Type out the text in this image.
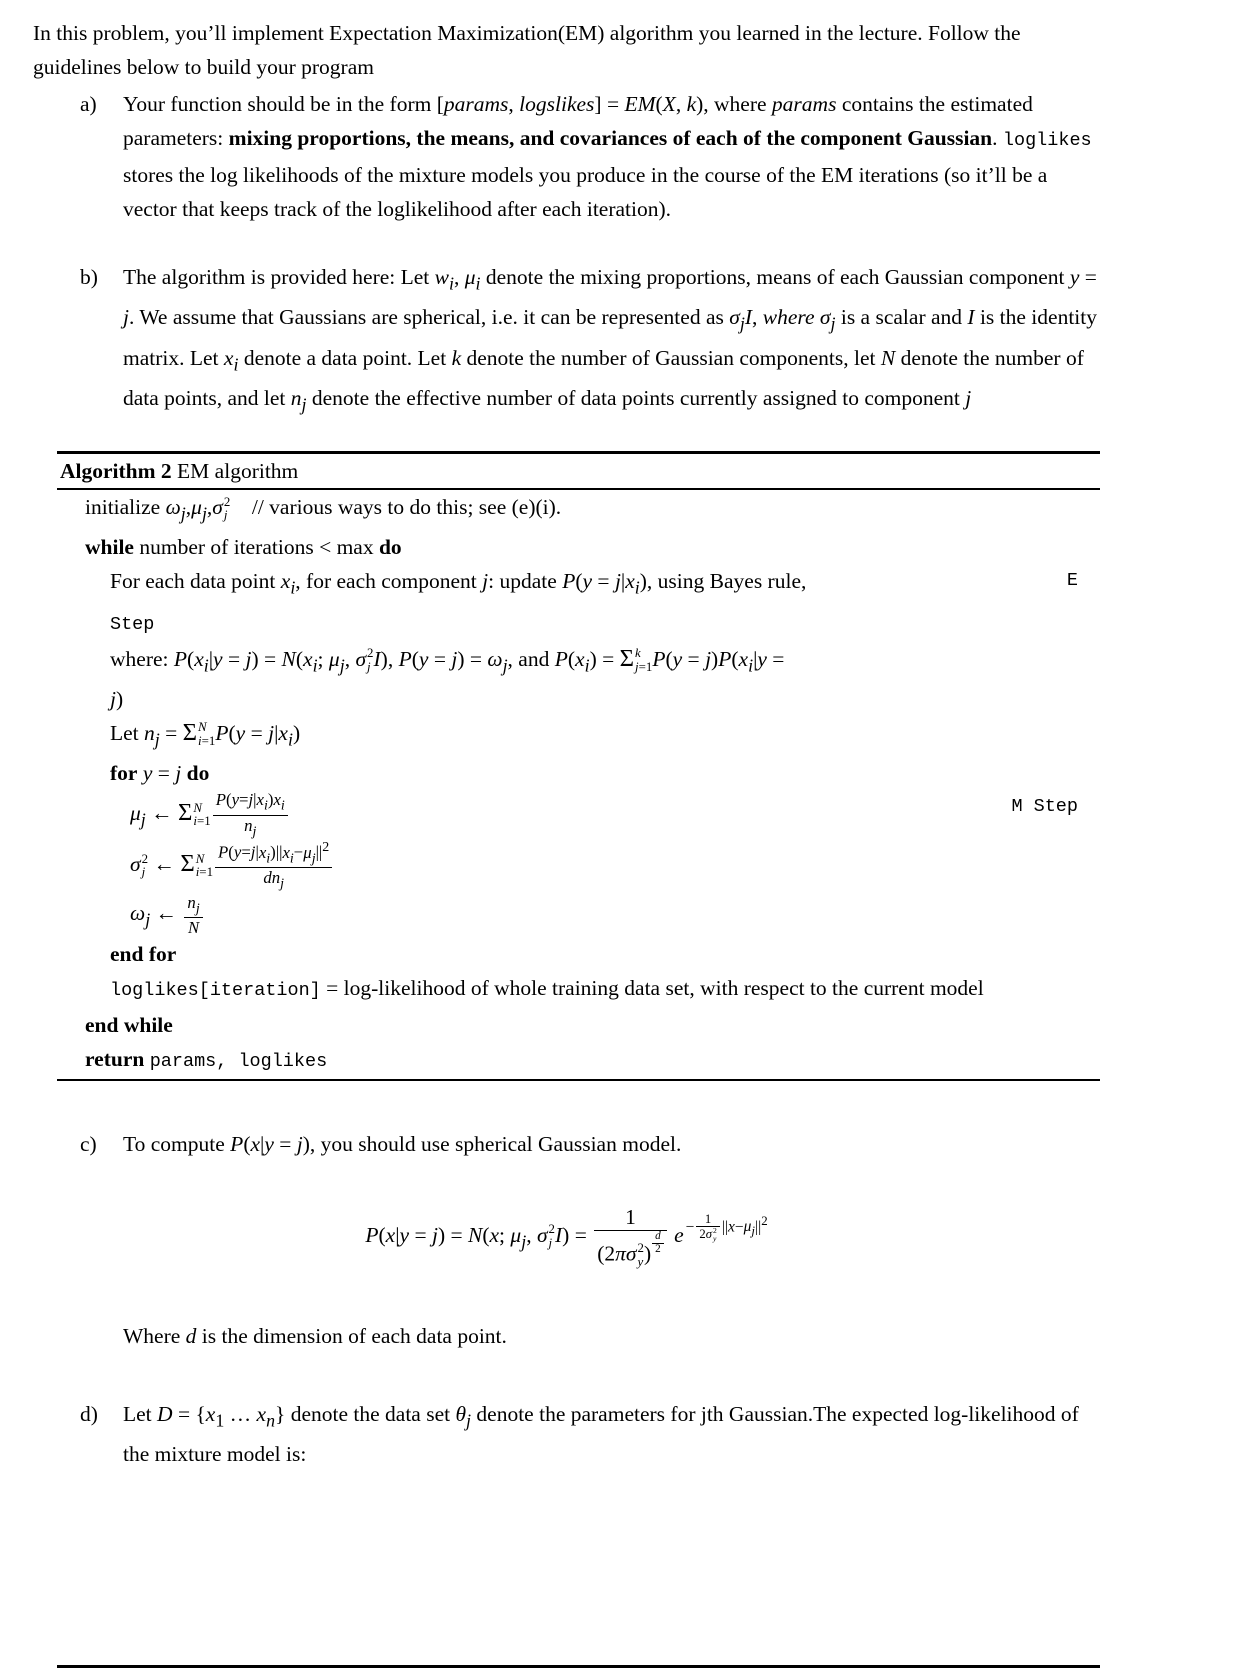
In this problem, you’ll implement Expectation Maximization(EM) algorithm you learned in the lecture. Follow the guidelines below to build your program

a)	Your function should be in the form [params, logslikes] = EM(X, k), where params contains the estimated parameters: mixing proportions, the means, and covariances of each of the component Gaussian. loglikes stores the log likelihoods of the mixture models you produce in the course of the EM iterations (so it’ll be a vector that keeps track of the loglikelihood after each iteration).
b)	The algorithm is provided here: Let $w_i$, $\mu_i$ denote the mixing proportions, means of each Gaussian component y = j. We assume that Gaussians are spherical, i.e. it can be represented as $\sigma_jI$, where $\sigma_j$ is a scalar and I is the identity matrix. Let $x_i$ denote a data point. Let k denote the number of Gaussian components, let N denote the number of data points, and let $n_j$ denote the effective number of data points currently assigned to component j
Algorithm 2 EM algorithm
initialize $\omega_j,\mu_j,\sigma$ 2
j // various ways to do this; see (e)(i).
while number of iterations < max do
For each data point $x_i$, for each component j: update $P(y = j|x_i)$, using Bayes rule,	E
Step
where: $P(x_i|y = j) = N(x_i$; $\mu_j$, σ 2
j I), $P(y = j) = \omega_j$, and $P(x_i) = \Sigma$ k
j=1 $P(y = j)P(x_i|y$ =
j)
Let $n_j = \Sigma$ N
i=1 $P(y = j|x_i)$
for y = j do
$\mu_j$ ← Σ N
$i=1 \frac{P(y=j|x_i)x_i}{n_j}$	M Step
σ 2
j ← Σ N
$i=1 \frac{P(y=j|x_i)||x_i-\mu_j||^2}{dn_j}$
$\omega_j$ ← $\frac{n_j}{N}$
end for
loglikes[iteration] = log-likelihood of whole training data set, with respect to the current model
end while
return params, loglikes
c)	To compute P(x|y = j), you should use spherical Gaussian model.
P(x|y = j) = N(x; $\mu_j$, σ 2
j I) = 1
(2πσ 2
y ) $\frac{d}{2}$ e − 1
2σ 2
y $||x-\mu_j||^2$
Where d is the dimension of each data point.
d)	Let $D = \{x_1$ … $x_n$} denote the data set $\theta_j$ denote the parameters for jth Gaussian.The expected log-likelihood of the mixture model is:
